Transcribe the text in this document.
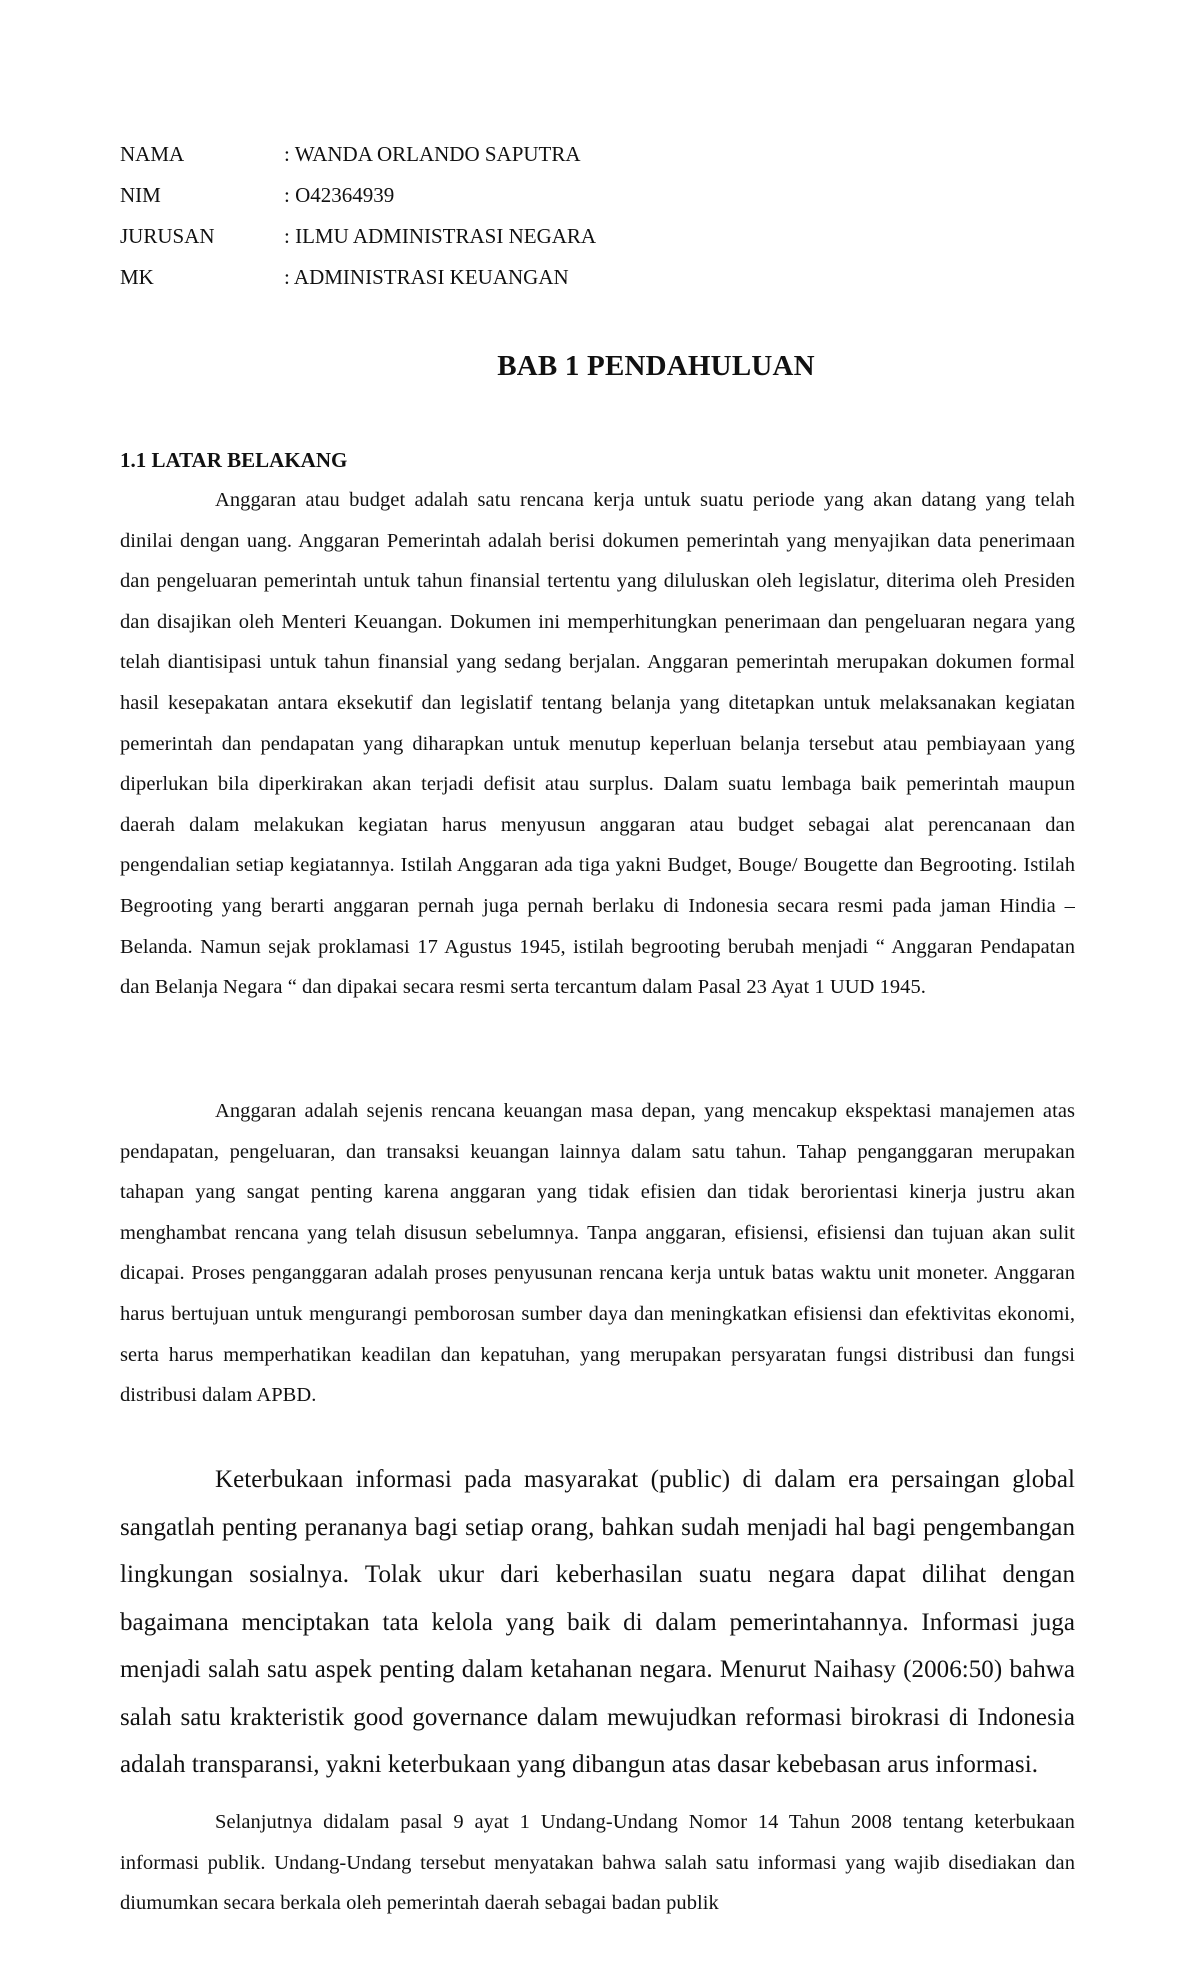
NAMA	: WANDA ORLANDO SAPUTRA
NIM	: O42364939
JURUSAN	: ILMU ADMINISTRASI NEGARA
MK	: ADMINISTRASI KEUANGAN
BAB 1 PENDAHULUAN
1.1 LATAR BELAKANG

Anggaran atau budget adalah satu rencana kerja untuk suatu periode yang akan datang yang telah dinilai dengan uang. Anggaran Pemerintah adalah berisi dokumen pemerintah yang menyajikan data penerimaan dan pengeluaran pemerintah untuk tahun finansial tertentu yang diluluskan oleh legislatur, diterima oleh Presiden dan disajikan oleh Menteri Keuangan. Dokumen ini memperhitungkan penerimaan dan pengeluaran negara yang telah diantisipasi untuk tahun finansial yang sedang berjalan. Anggaran pemerintah merupakan dokumen formal hasil kesepakatan antara eksekutif dan legislatif tentang belanja yang ditetapkan untuk melaksanakan kegiatan pemerintah dan pendapatan yang diharapkan untuk menutup keperluan belanja tersebut atau pembiayaan yang diperlukan bila diperkirakan akan terjadi defisit atau surplus. Dalam suatu lembaga baik pemerintah maupun daerah dalam melakukan kegiatan harus menyusun anggaran atau budget sebagai alat perencanaan dan pengendalian setiap kegiatannya. Istilah Anggaran ada tiga yakni Budget, Bouge/ Bougette dan Begrooting. Istilah Begrooting yang berarti anggaran pernah juga pernah berlaku di Indonesia secara resmi pada jaman Hindia – Belanda. Namun sejak proklamasi 17 Agustus 1945, istilah begrooting berubah menjadi “ Anggaran Pendapatan dan Belanja Negara “ dan dipakai secara resmi serta tercantum dalam Pasal 23 Ayat 1 UUD 1945.

Anggaran adalah sejenis rencana keuangan masa depan, yang mencakup ekspektasi manajemen atas pendapatan, pengeluaran, dan transaksi keuangan lainnya dalam satu tahun. Tahap penganggaran merupakan tahapan yang sangat penting karena anggaran yang tidak efisien dan tidak berorientasi kinerja justru akan menghambat rencana yang telah disusun sebelumnya. Tanpa anggaran, efisiensi, efisiensi dan tujuan akan sulit dicapai. Proses penganggaran adalah proses penyusunan rencana kerja untuk batas waktu unit moneter. Anggaran harus bertujuan untuk mengurangi pemborosan sumber daya dan meningkatkan efisiensi dan efektivitas ekonomi, serta harus memperhatikan keadilan dan kepatuhan, yang merupakan persyaratan fungsi distribusi dan fungsi distribusi dalam APBD.

Keterbukaan informasi pada masyarakat (public) di dalam era persaingan global sangatlah penting perananya bagi setiap orang, bahkan sudah menjadi hal bagi pengembangan lingkungan sosialnya. Tolak ukur dari keberhasilan suatu negara dapat dilihat dengan bagaimana menciptakan tata kelola yang baik di dalam pemerintahannya. Informasi juga menjadi salah satu aspek penting dalam ketahanan negara. Menurut Naihasy (2006:50) bahwa salah satu krakteristik good governance dalam mewujudkan reformasi birokrasi di Indonesia adalah transparansi, yakni keterbukaan yang dibangun atas dasar kebebasan arus informasi.

Selanjutnya didalam pasal 9 ayat 1 Undang-Undang Nomor 14 Tahun 2008 tentang keterbukaan informasi publik. Undang-Undang tersebut menyatakan bahwa salah satu informasi yang wajib disediakan dan diumumkan secara berkala oleh pemerintah daerah sebagai badan publik
